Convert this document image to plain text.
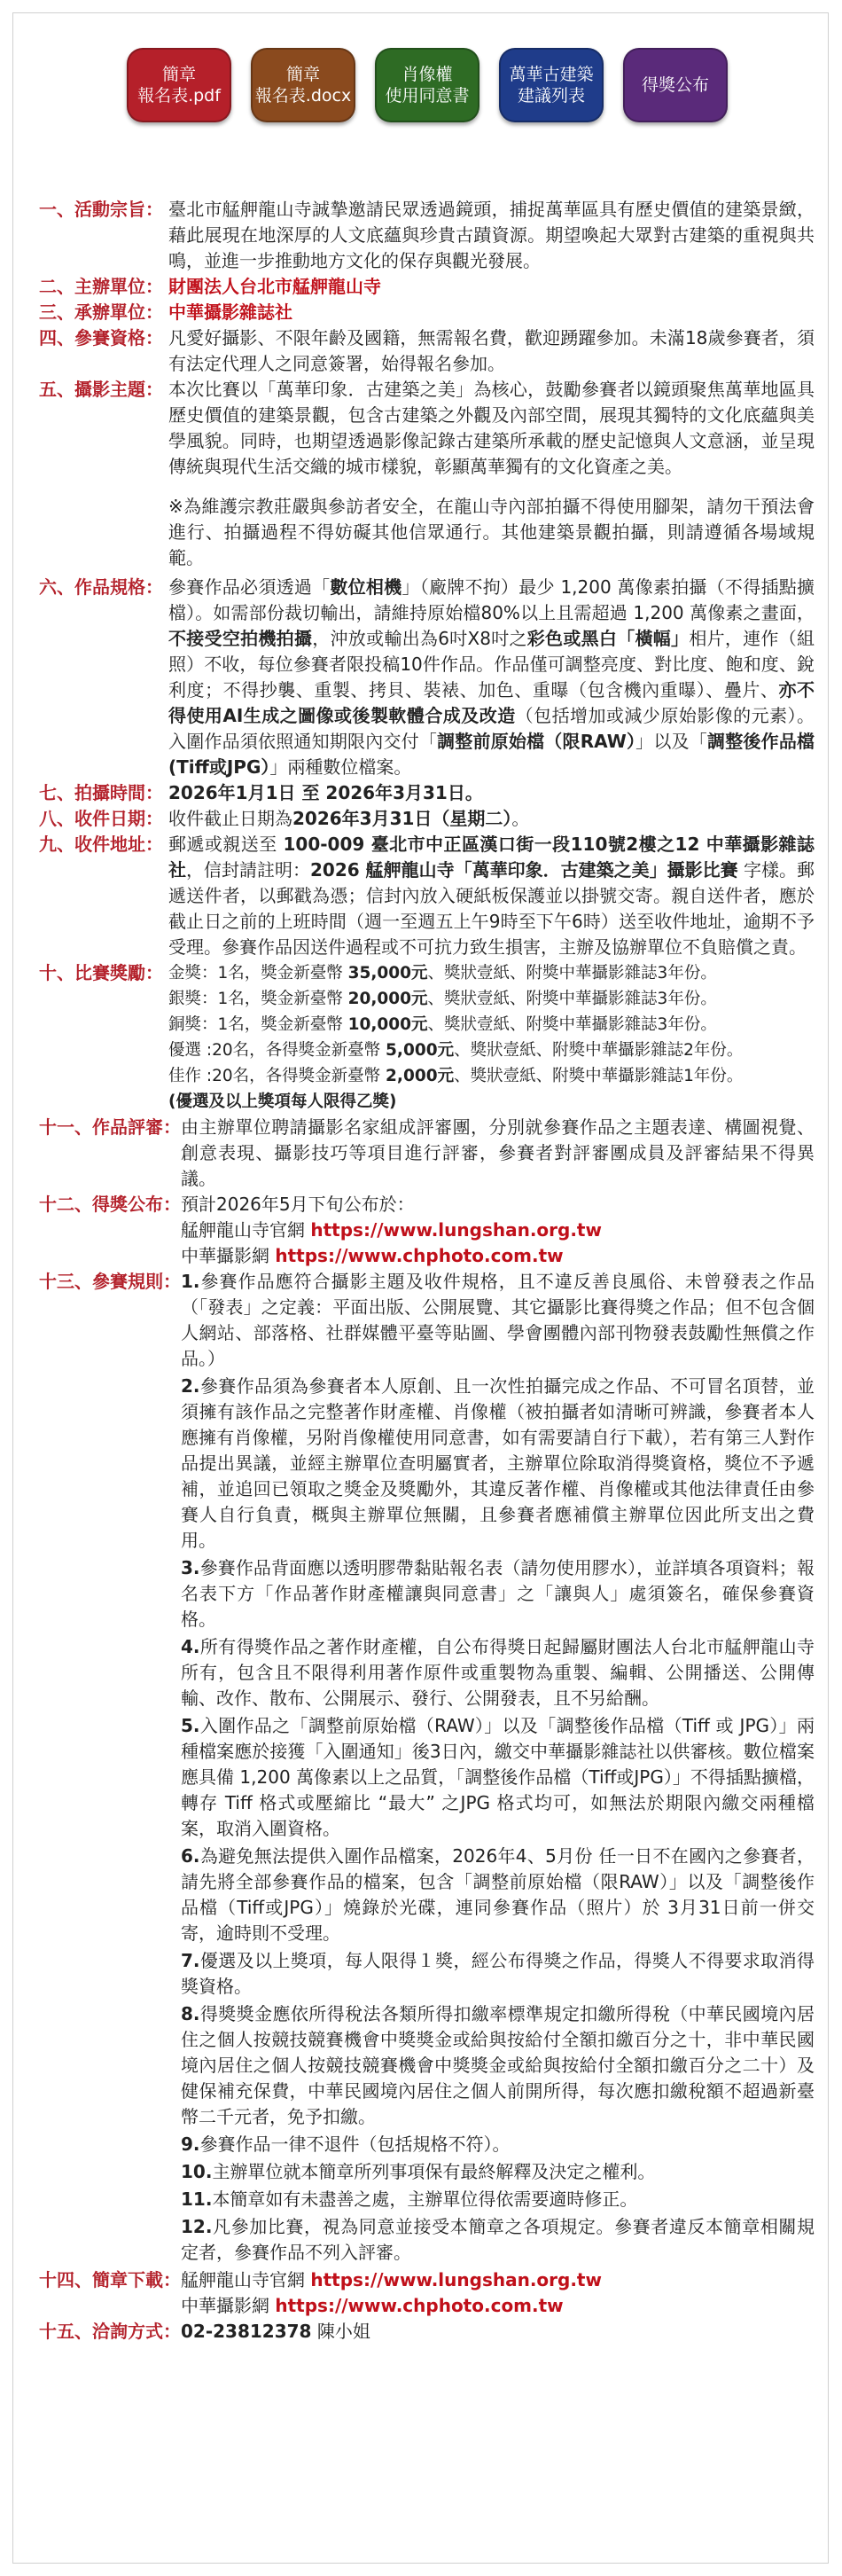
簡章
報名表.pdf
簡章
報名表.docx
肖像權
使用同意書
萬華古建築
建議列表
得獎公布
一、活動宗旨： 臺北市艋舺龍山寺誠摯邀請民眾透過鏡頭，捕捉萬華區具有歷史價值的建築景緻，藉此展現在地深厚的人文底蘊與珍貴古蹟資源。期望喚起大眾對古建築的重視與共鳴，並進一步推動地方文化的保存與觀光發展。
二、主辦單位： 財團法人台北市艋舺龍山寺
三、承辦單位： 中華攝影雜誌社
四、參賽資格： 凡愛好攝影、不限年齡及國籍，無需報名費，歡迎踴躍參加。未滿18歲參賽者，須有法定代理人之同意簽署，始得報名參加。
五、攝影主題： 本次比賽以「萬華印象．古建築之美」為核心，鼓勵參賽者以鏡頭聚焦萬華地區具歷史價值的建築景觀，包含古建築之外觀及內部空間，展現其獨特的文化底蘊與美學風貌。同時，也期望透過影像記錄古建築所承載的歷史記憶與人文意涵，並呈現傳統與現代生活交織的城市樣貌，彰顯萬華獨有的文化資產之美。
※為維護宗教莊嚴與參訪者安全，在龍山寺內部拍攝不得使用腳架，請勿干預法會進行、拍攝過程不得妨礙其他信眾通行。其他建築景觀拍攝，則請遵循各場域規範。
六、作品規格： 參賽作品必須透過「數位相機」（廠牌不拘）最少 1,200 萬像素拍攝（不得插點擴檔）。如需部份裁切輸出，請維持原始檔80%以上且需超過 1,200 萬像素之畫面，不接受空拍機拍攝，沖放或輸出為6吋X8吋之彩色或黑白「橫幅」相片，連作（組照）不收，每位參賽者限投稿10件作品。作品僅可調整亮度、對比度、飽和度、銳利度；不得抄襲、重製、拷貝、裝裱、加色、重曝（包含機內重曝）、疊片、亦不得使用AI生成之圖像或後製軟體合成及改造（包括增加或減少原始影像的元素）。入圍作品須依照通知期限內交付「調整前原始檔（限RAW）」以及「調整後作品檔(Tiff或JPG）」兩種數位檔案。
七、拍攝時間： 2026年1月1日 至 2026年3月31日。
八、收件日期： 收件截止日期為2026年3月31日（星期二）。
九、收件地址： 郵遞或親送至 100-009 臺北市中正區漢口街一段110號2樓之12 中華攝影雜誌社，信封請註明：2026 艋舺龍山寺「萬華印象．古建築之美」攝影比賽 字樣。郵遞送件者，以郵戳為憑；信封內放入硬紙板保護並以掛號交寄。親自送件者，應於截止日之前的上班時間（週一至週五上午9時至下午6時）送至收件地址，逾期不予受理。參賽作品因送件過程或不可抗力致生損害，主辦及協辦單位不負賠償之責。
十、比賽獎勵： 金獎：1名，獎金新臺幣 35,000元、獎狀壹紙、附獎中華攝影雜誌3年份。
銀獎：1名，獎金新臺幣 20,000元、獎狀壹紙、附獎中華攝影雜誌3年份。
銅獎：1名，獎金新臺幣 10,000元、獎狀壹紙、附獎中華攝影雜誌3年份。
優選 :20名，各得獎金新臺幣 5,000元、獎狀壹紙、附獎中華攝影雜誌2年份。
佳作 :20名，各得獎金新臺幣 2,000元、獎狀壹紙、附獎中華攝影雜誌1年份。
(優選及以上獎項每人限得乙獎)
十一、作品評審： 由主辦單位聘請攝影名家組成評審團，分別就參賽作品之主題表達、構圖視覺、創意表現、攝影技巧等項目進行評審，參賽者對評審團成員及評審結果不得異議。
十二、得獎公布： 預計2026年5月下旬公布於：
艋舺龍山寺官網 https://www.lungshan.org.tw
中華攝影網 https://www.chphoto.com.tw
十三、參賽規則： 1.參賽作品應符合攝影主題及收件規格，且不違反善良風俗、未曾發表之作品（「發表」之定義：平面出版、公開展覽、其它攝影比賽得獎之作品；但不包含個人網站、部落格、社群媒體平臺等貼圖、學會團體內部刊物發表鼓勵性無償之作品。）
2.參賽作品須為參賽者本人原創、且一次性拍攝完成之作品、不可冒名頂替，並須擁有該作品之完整著作財產權、肖像權（被拍攝者如清晰可辨識，參賽者本人應擁有肖像權，另附肖像權使用同意書，如有需要請自行下載），若有第三人對作品提出異議，並經主辦單位查明屬實者，主辦單位除取消得獎資格，獎位不予遞補，並追回已領取之獎金及獎勵外，其違反著作權、肖像權或其他法律責任由參賽人自行負責，概與主辦單位無關，且參賽者應補償主辦單位因此所支出之費用。
3.參賽作品背面應以透明膠帶黏貼報名表（請勿使用膠水），並詳填各項資料；報名表下方「作品著作財產權讓與同意書」之「讓與人」處須簽名，確保參賽資格。
4.所有得獎作品之著作財產權，自公布得獎日起歸屬財團法人台北市艋舺龍山寺所有，包含且不限得利用著作原件或重製物為重製、編輯、公開播送、公開傳輸、改作、散布、公開展示、發行、公開發表，且不另給酬。
5.入圍作品之「調整前原始檔（RAW）」以及「調整後作品檔（Tiff 或 JPG）」兩種檔案應於接獲「入圍通知」後3日內，繳交中華攝影雜誌社以供審核。數位檔案應具備 1,200 萬像素以上之品質，「調整後作品檔（Tiff或JPG）」不得插點擴檔，轉存 Tiff 格式或壓縮比 “最大” 之JPG 格式均可，如無法於期限內繳交兩種檔案，取消入圍資格。
6.為避免無法提供入圍作品檔案，2026年4、5月份 任一日不在國內之參賽者，請先將全部參賽作品的檔案，包含「調整前原始檔（限RAW）」以及「調整後作品檔（Tiff或JPG）」燒錄於光碟，連同參賽作品（照片）於 3月31日前一併交寄，逾時則不受理。
7.優選及以上獎項，每人限得１獎，經公布得獎之作品，得獎人不得要求取消得獎資格。
8.得獎獎金應依所得稅法各類所得扣繳率標準規定扣繳所得稅（中華民國境內居住之個人按競技競賽機會中獎獎金或給與按給付全額扣繳百分之十，非中華民國境內居住之個人按競技競賽機會中獎獎金或給與按給付全額扣繳百分之二十）及健保補充保費，中華民國境內居住之個人前開所得，每次應扣繳稅額不超過新臺幣二千元者，免予扣繳。
9.參賽作品一律不退件（包括規格不符）。
10.主辦單位就本簡章所列事項保有最終解釋及決定之權利。
11.本簡章如有未盡善之處，主辦單位得依需要適時修正。
12.凡參加比賽，視為同意並接受本簡章之各項規定。參賽者違反本簡章相關規定者，參賽作品不列入評審。
十四、簡章下載： 艋舺龍山寺官網 https://www.lungshan.org.tw
中華攝影網 https://www.chphoto.com.tw
十五、洽詢方式： 02-23812378 陳小姐
